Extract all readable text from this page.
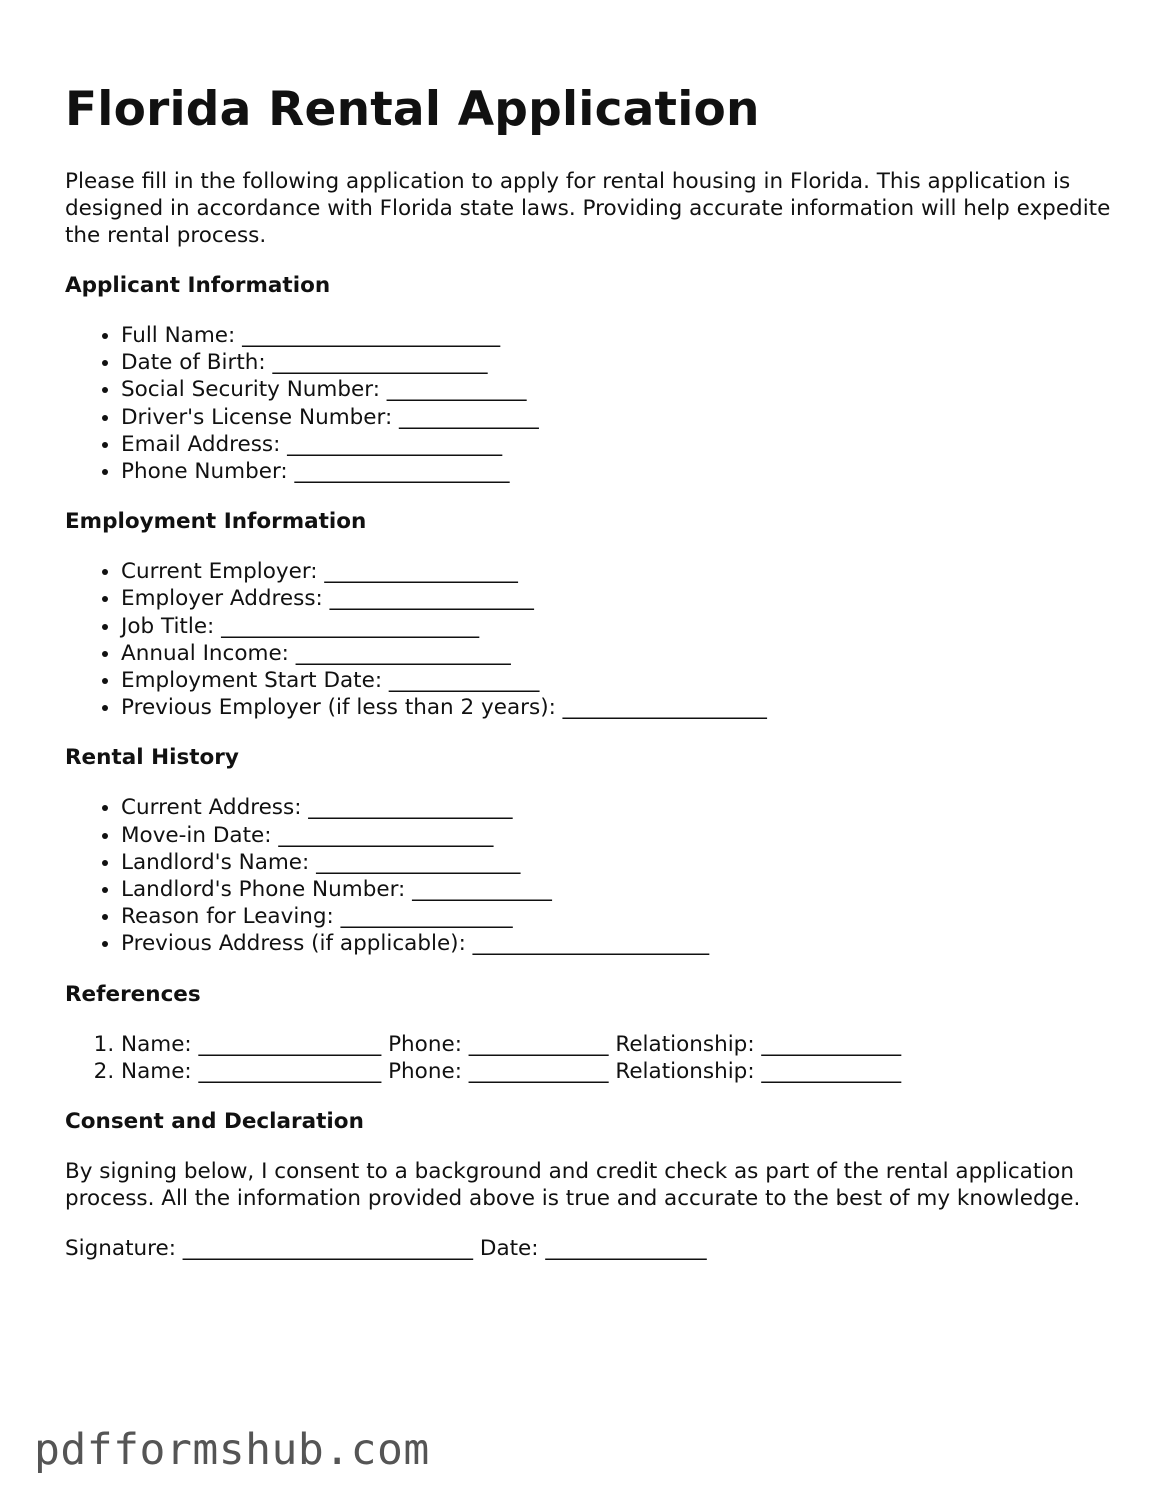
Florida Rental Application

Please fill in the following application to apply for rental housing in Florida. This application is designed in accordance with Florida state laws. Providing accurate information will help expedite the rental process.

Applicant Information
• Full Name: ________________________
• Date of Birth: ____________________
• Social Security Number: _____________
• Driver's License Number: _____________
• Email Address: ____________________
• Phone Number: ____________________
Employment Information
• Current Employer: __________________
• Employer Address: ___________________
• Job Title: ________________________
• Annual Income: ____________________
• Employment Start Date: ______________
• Previous Employer (if less than 2 years): ___________________
Rental History
• Current Address: ___________________
• Move-in Date: ____________________
• Landlord's Name: ___________________
• Landlord's Phone Number: _____________
• Reason for Leaving: ________________
• Previous Address (if applicable): ______________________
References
1. Name: _________________ Phone: _____________ Relationship: _____________
2. Name: _________________ Phone: _____________ Relationship: _____________
Consent and Declaration

By signing below, I consent to a background and credit check as part of the rental application process. All the information provided above is true and accurate to the best of my knowledge.

Signature: ___________________________ Date: _______________
pdfformshub.com
